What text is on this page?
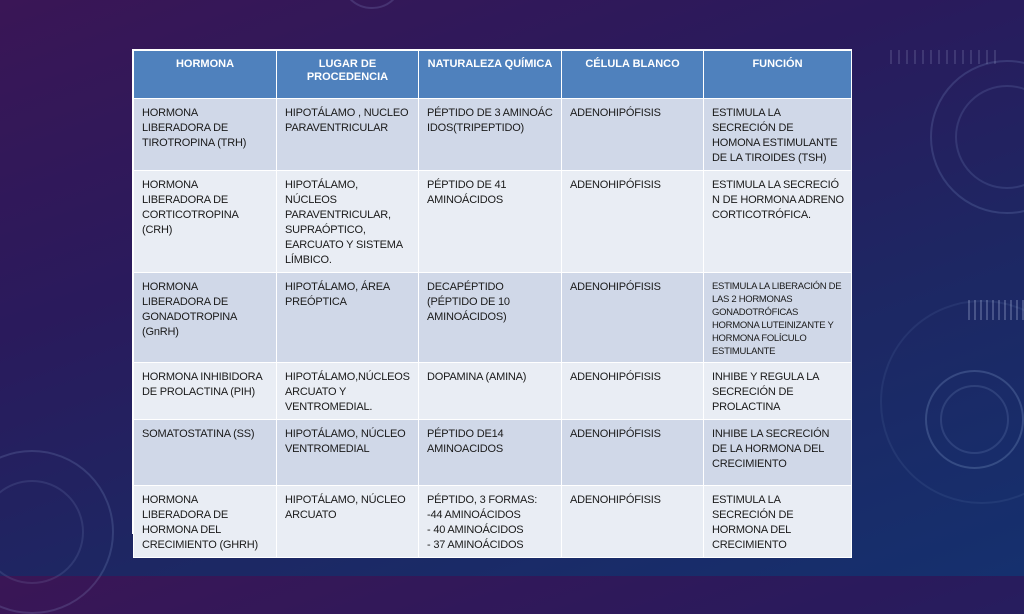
HORMONA	LUGAR DE PROCEDENCIA	NATURALEZA QUÍMICA	CÉLULA BLANCO	FUNCIÓN
HORMONA LIBERADORA DE TIROTROPINA (TRH)	HIPOTÁLAMO , NUCLEO PARAVENTRICULAR	PÉPTIDO DE 3 AMINOÁCIDOS(TRIPEPTIDO)	ADENOHIPÓFISIS	ESTIMULA LA SECRECIÓN DE HOMONA ESTIMULANTE DE LA TIROIDES (TSH)
HORMONA LIBERADORA DE CORTICOTROPINA (CRH)	HIPOTÁLAMO, NÚCLEOS PARAVENTRICULAR, SUPRAÓPTICO, EARCUATO Y SISTEMA LÍMBICO.	PÉPTIDO DE 41 AMINOÁCIDOS	ADENOHIPÓFISIS	ESTIMULA LA SECRECIÓN DE HORMONA ADRENOCORTICOTRÓFICA.
HORMONA LIBERADORA DE GONADOTROPINA (GnRH)	HIPOTÁLAMO, ÁREA PREÓPTICA	DECAPÉPTIDO (PÉPTIDO DE 10 AMINOÁCIDOS)	ADENOHIPÓFISIS	ESTIMULA LA LIBERACIÓN DE LAS 2 HORMONAS GONADOTRÓFICAS HORMONA LUTEINIZANTE Y HORMONA FOLÍCULO ESTIMULANTE
HORMONA INHIBIDORA DE PROLACTINA (PIH)	HIPOTÁLAMO,NÚCLEOS ARCUATO Y VENTROMEDIAL.	DOPAMINA (AMINA)	ADENOHIPÓFISIS	INHIBE Y REGULA LA SECRECIÓN DE PROLACTINA
SOMATOSTATINA (SS)	HIPOTÁLAMO, NÚCLEO VENTROMEDIAL	PÉPTIDO DE14 AMINOACIDOS	ADENOHIPÓFISIS	INHIBE LA SECRECIÓN DE LA HORMONA DEL CRECIMIENTO
HORMONA LIBERADORA DE HORMONA DEL CRECIMIENTO (GHRH)	HIPOTÁLAMO, NÚCLEO ARCUATO	PÉPTIDO, 3 FORMAS:
-44 AMINOÁCIDOS
- 40 AMINOÁCIDOS
- 37 AMINOÁCIDOS	ADENOHIPÓFISIS	ESTIMULA LA SECRECIÓN DE HORMONA DEL CRECIMIENTO
